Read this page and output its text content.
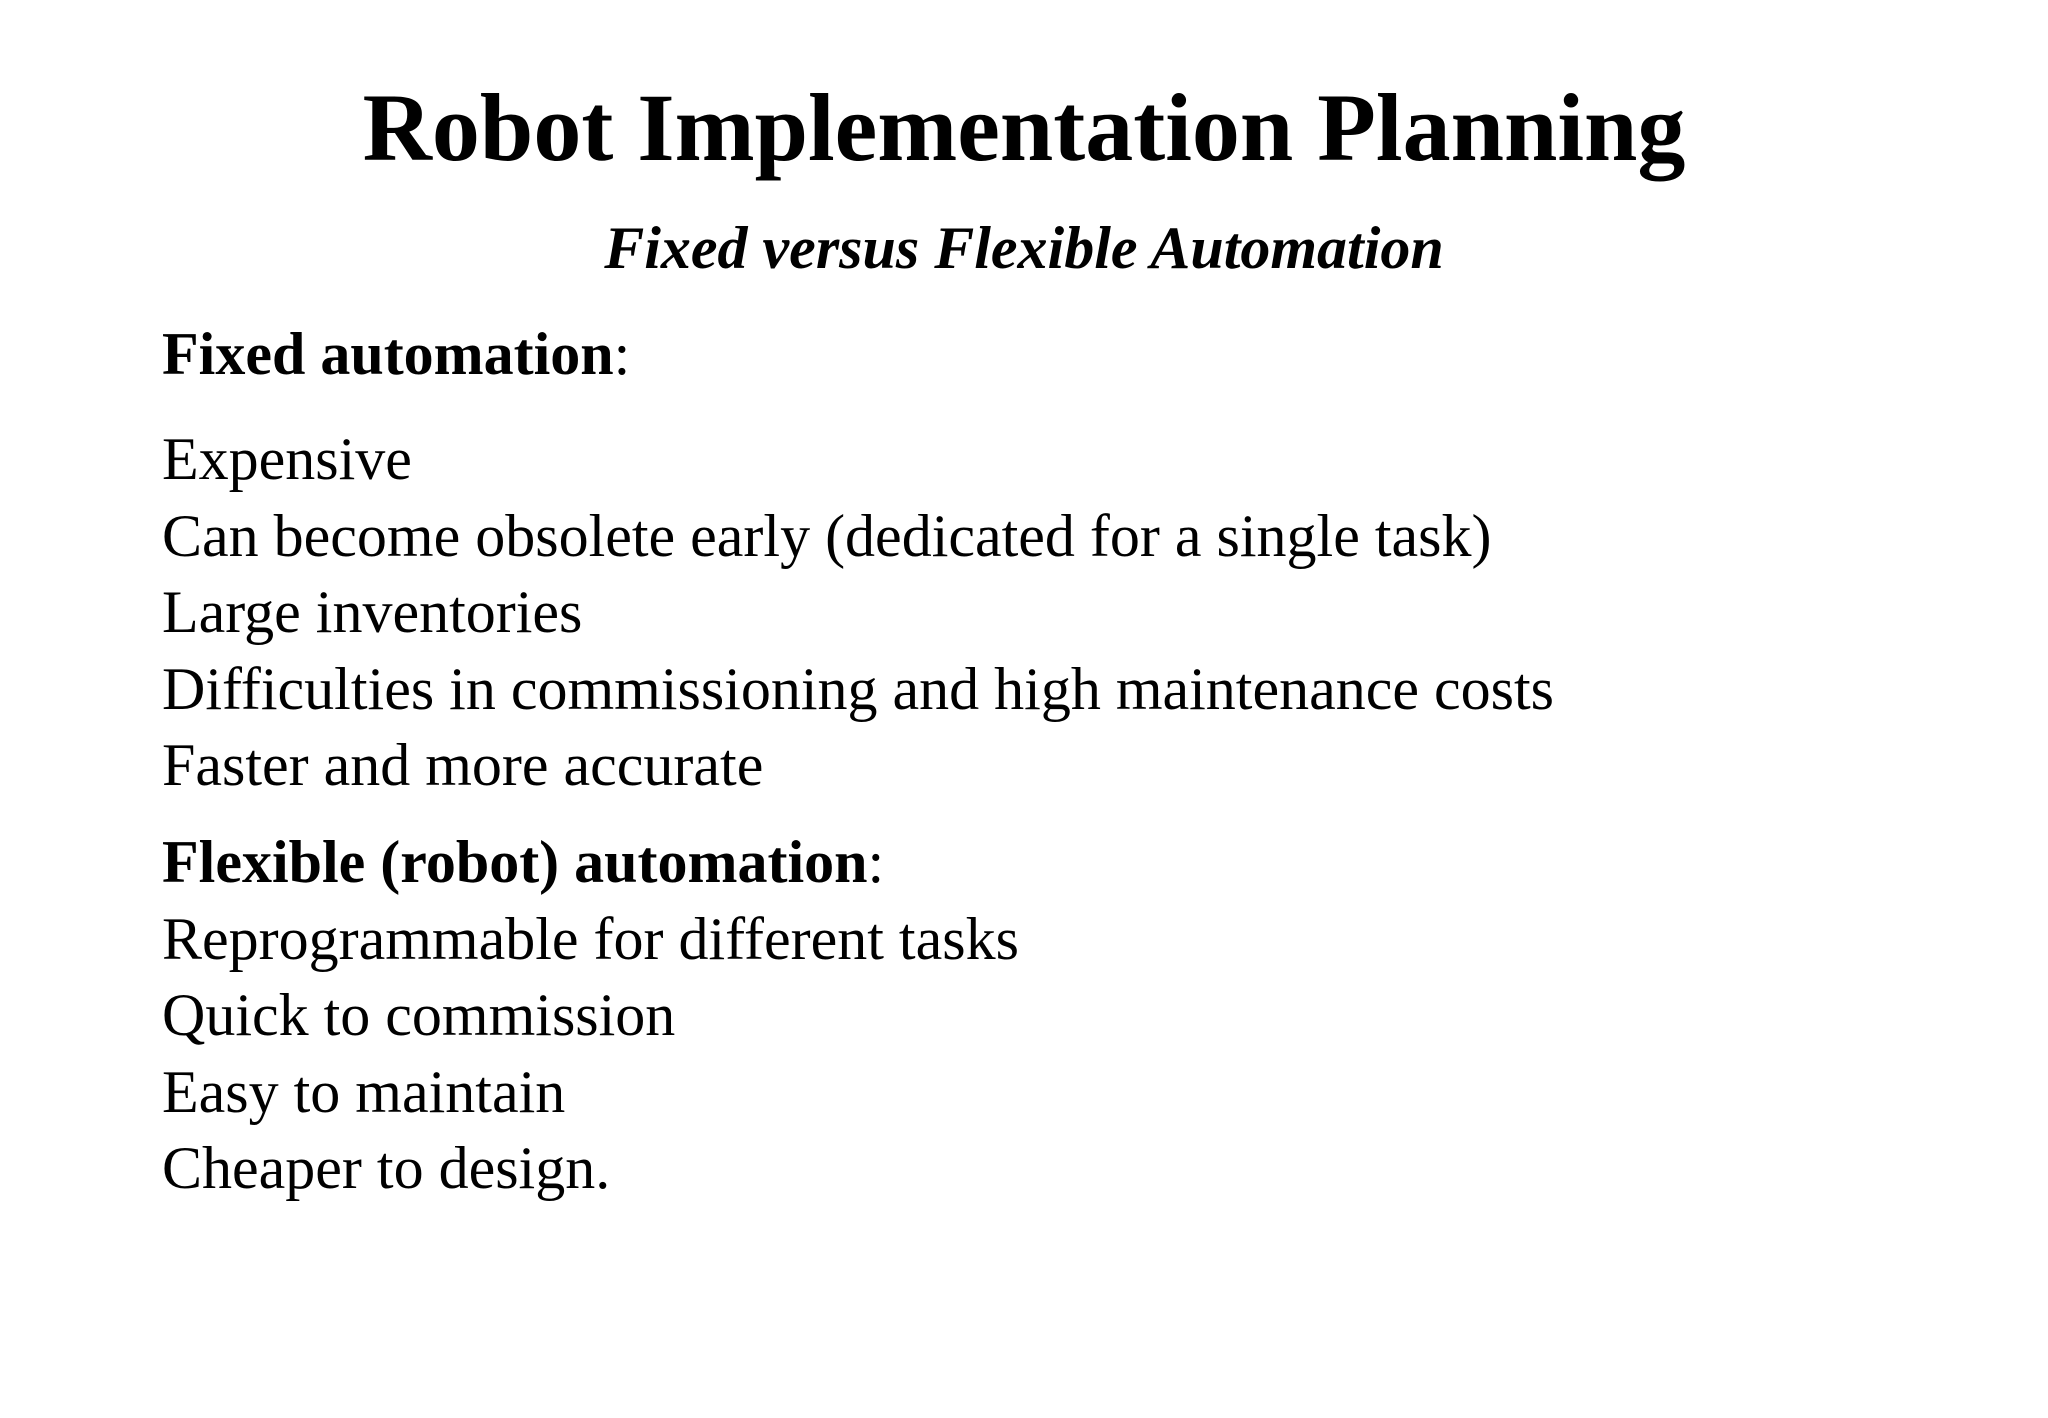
Robot Implementation Planning
Fixed versus Flexible Automation
Fixed automation:
Expensive
Can become obsolete early (dedicated for a single task)
Large inventories
Difficulties in commissioning and high maintenance costs
Faster and more accurate
Flexible (robot) automation:
Reprogrammable for different tasks
Quick to commission
Easy to maintain
Cheaper to design.
